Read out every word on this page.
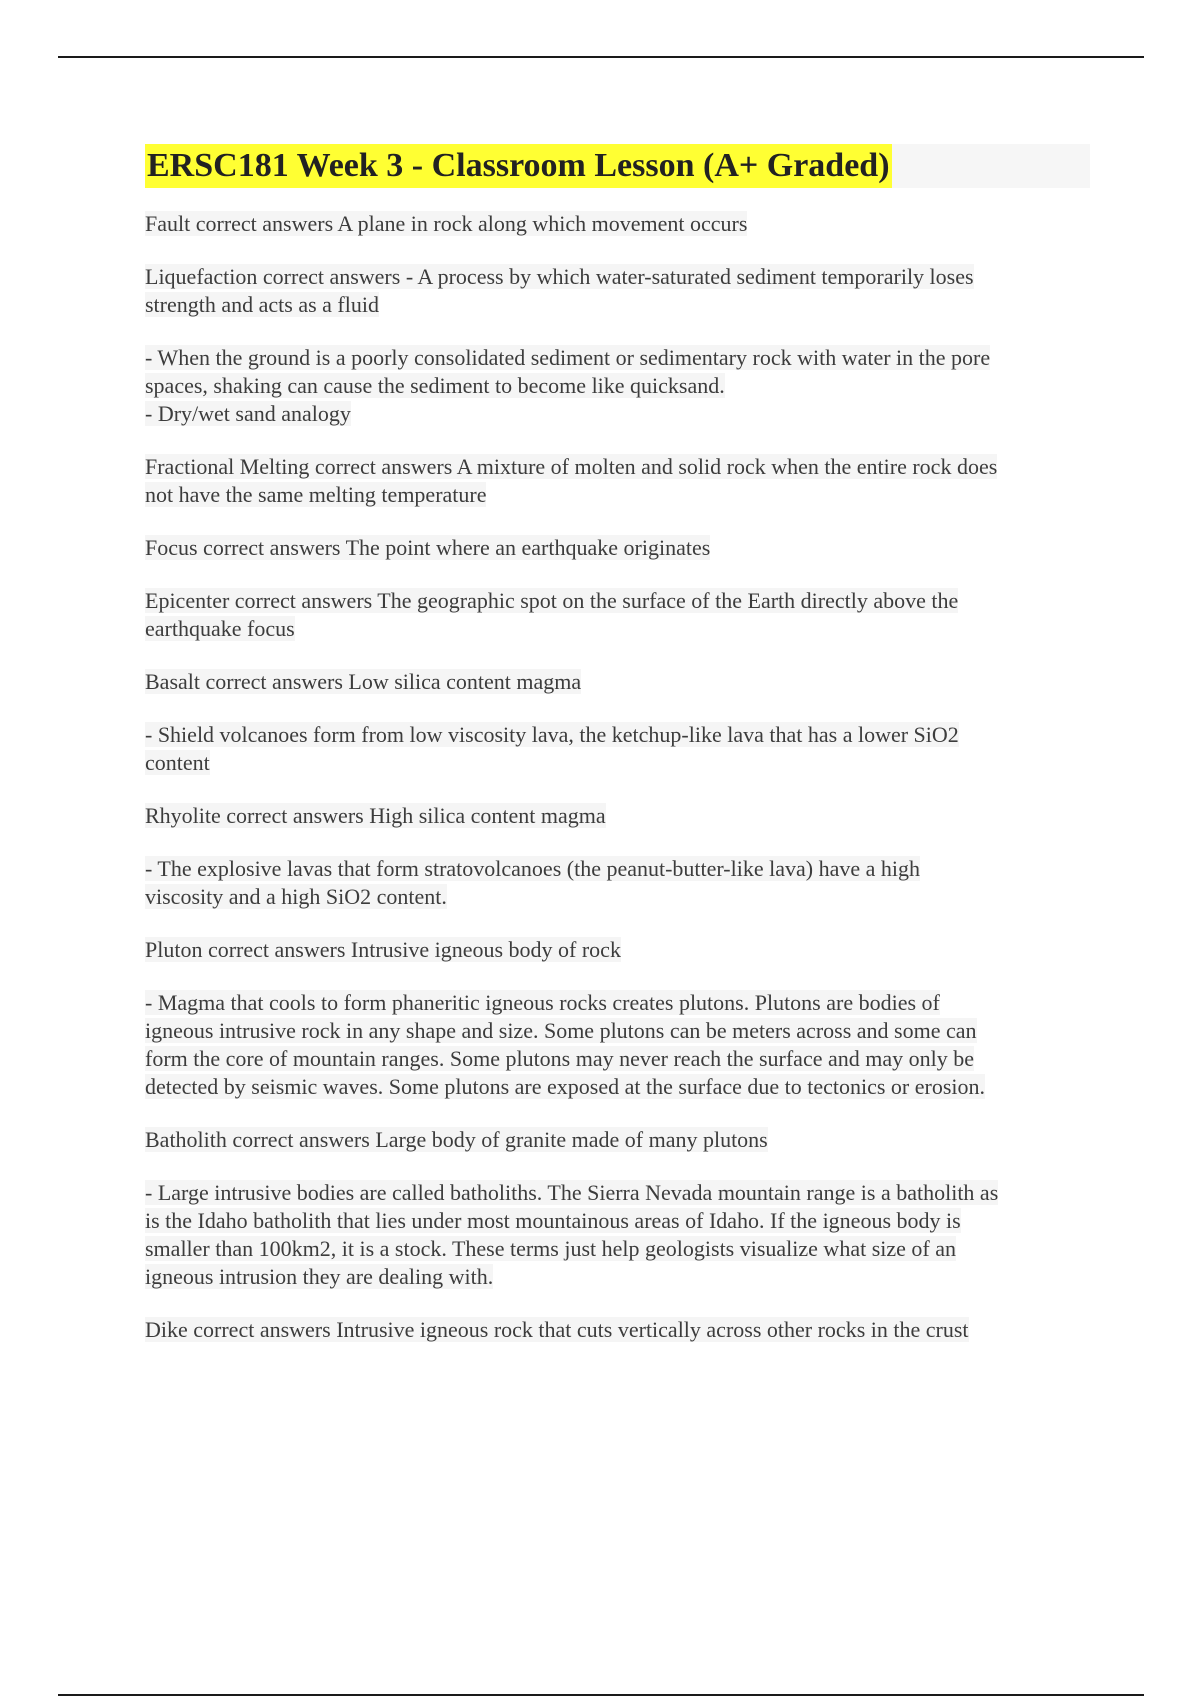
ERSC181 Week 3 - Classroom Lesson (A+ Graded)
Fault correct answers A plane in rock along which movement occurs
Liquefaction correct answers - A process by which water-saturated sediment temporarily loses
strength and acts as a fluid
- When the ground is a poorly consolidated sediment or sedimentary rock with water in the pore
spaces, shaking can cause the sediment to become like quicksand.
- Dry/wet sand analogy
Fractional Melting correct answers A mixture of molten and solid rock when the entire rock does
not have the same melting temperature
Focus correct answers The point where an earthquake originates
Epicenter correct answers The geographic spot on the surface of the Earth directly above the
earthquake focus
Basalt correct answers Low silica content magma
- Shield volcanoes form from low viscosity lava, the ketchup-like lava that has a lower SiO2
content
Rhyolite correct answers High silica content magma
- The explosive lavas that form stratovolcanoes (the peanut-butter-like lava) have a high
viscosity and a high SiO2 content.
Pluton correct answers Intrusive igneous body of rock
- Magma that cools to form phaneritic igneous rocks creates plutons. Plutons are bodies of
igneous intrusive rock in any shape and size. Some plutons can be meters across and some can
form the core of mountain ranges. Some plutons may never reach the surface and may only be
detected by seismic waves. Some plutons are exposed at the surface due to tectonics or erosion.
Batholith correct answers Large body of granite made of many plutons
- Large intrusive bodies are called batholiths. The Sierra Nevada mountain range is a batholith as
is the Idaho batholith that lies under most mountainous areas of Idaho. If the igneous body is
smaller than 100km2, it is a stock. These terms just help geologists visualize what size of an
igneous intrusion they are dealing with.
Dike correct answers Intrusive igneous rock that cuts vertically across other rocks in the crust
